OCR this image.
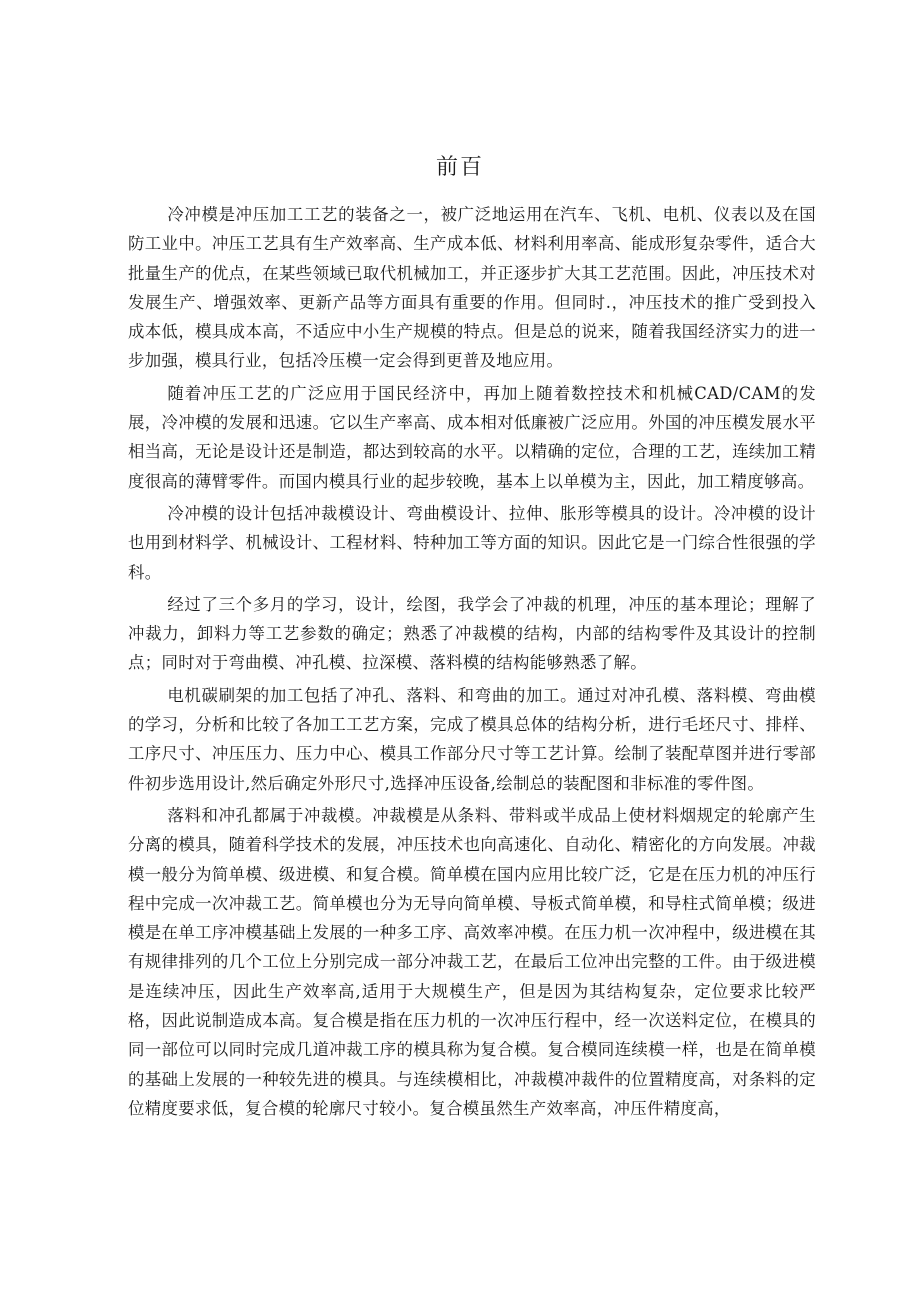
前百

冷冲模是冲压加工工艺的装备之一，被广泛地运用在汽车、飞机、电机、仪表以及在国防工业中。冲压工艺具有生产效率高、生产成本低、材料利用率高、能成形复杂零件，适合大批量生产的优点，在某些领域已取代机械加工，并正逐步扩大其工艺范围。因此，冲压技术对发展生产、增强效率、更新产品等方面具有重要的作用。但同时.，冲压技术的推广受到投入成本低，模具成本高，不适应中小生产规模的特点。但是总的说来，随着我国经济实力的进一步加强，模具行业，包括冷压模一定会得到更普及地应用。

随着冲压工艺的广泛应用于国民经济中，再加上随着数控技术和机械CAD/CAM的发展，冷冲模的发展和迅速。它以生产率高、成本相对低廉被广泛应用。外国的冲压模发展水平相当高，无论是设计还是制造，都达到较高的水平。以精确的定位，合理的工艺，连续加工精度很高的薄臂零件。而国内模具行业的起步较晚，基本上以单模为主，因此，加工精度够高。

冷冲模的设计包括冲裁模设计、弯曲模设计、拉伸、胀形等模具的设计。冷冲模的设计也用到材料学、机械设计、工程材料、特种加工等方面的知识。因此它是一门综合性很强的学科。

经过了三个多月的学习，设计，绘图，我学会了冲裁的机理，冲压的基本理论；理解了冲裁力，卸料力等工艺参数的确定；熟悉了冲裁模的结构，内部的结构零件及其设计的控制点；同时对于弯曲模、冲孔模、拉深模、落料模的结构能够熟悉了解。

电机碳刷架的加工包括了冲孔、落料、和弯曲的加工。通过对冲孔模、落料模、弯曲模的学习，分析和比较了各加工工艺方案，完成了模具总体的结构分析，进行毛坯尺寸、排样、工序尺寸、冲压压力、压力中心、模具工作部分尺寸等工艺计算。绘制了装配草图并进行零部件初步选用设计,然后确定外形尺寸,选择冲压设备,绘制总的装配图和非标准的零件图。

落料和冲孔都属于冲裁模。冲裁模是从条料、带料或半成品上使材料烟规定的轮廓产生分离的模具，随着科学技术的发展，冲压技术也向高速化、自动化、精密化的方向发展。冲裁模一般分为简单模、级进模、和复合模。简单模在国内应用比较广泛，它是在压力机的冲压行程中完成一次冲裁工艺。简单模也分为无导向简单模、导板式简单模，和导柱式简单模；级进模是在单工序冲模基础上发展的一种多工序、高效率冲模。在压力机一次冲程中，级进模在其有规律排列的几个工位上分别完成一部分冲裁工艺，在最后工位冲出完整的工件。由于级进模是连续冲压，因此生产效率高,适用于大规模生产，但是因为其结构复杂，定位要求比较严格，因此说制造成本高。复合模是指在压力机的一次冲压行程中，经一次送料定位，在模具的同一部位可以同时完成几道冲裁工序的模具称为复合模。复合模同连续模一样，也是在简单模的基础上发展的一种较先进的模具。与连续模相比，冲裁模冲裁件的位置精度高，对条料的定位精度要求低，复合模的轮廓尺寸较小。复合模虽然生产效率高，冲压件精度高，
